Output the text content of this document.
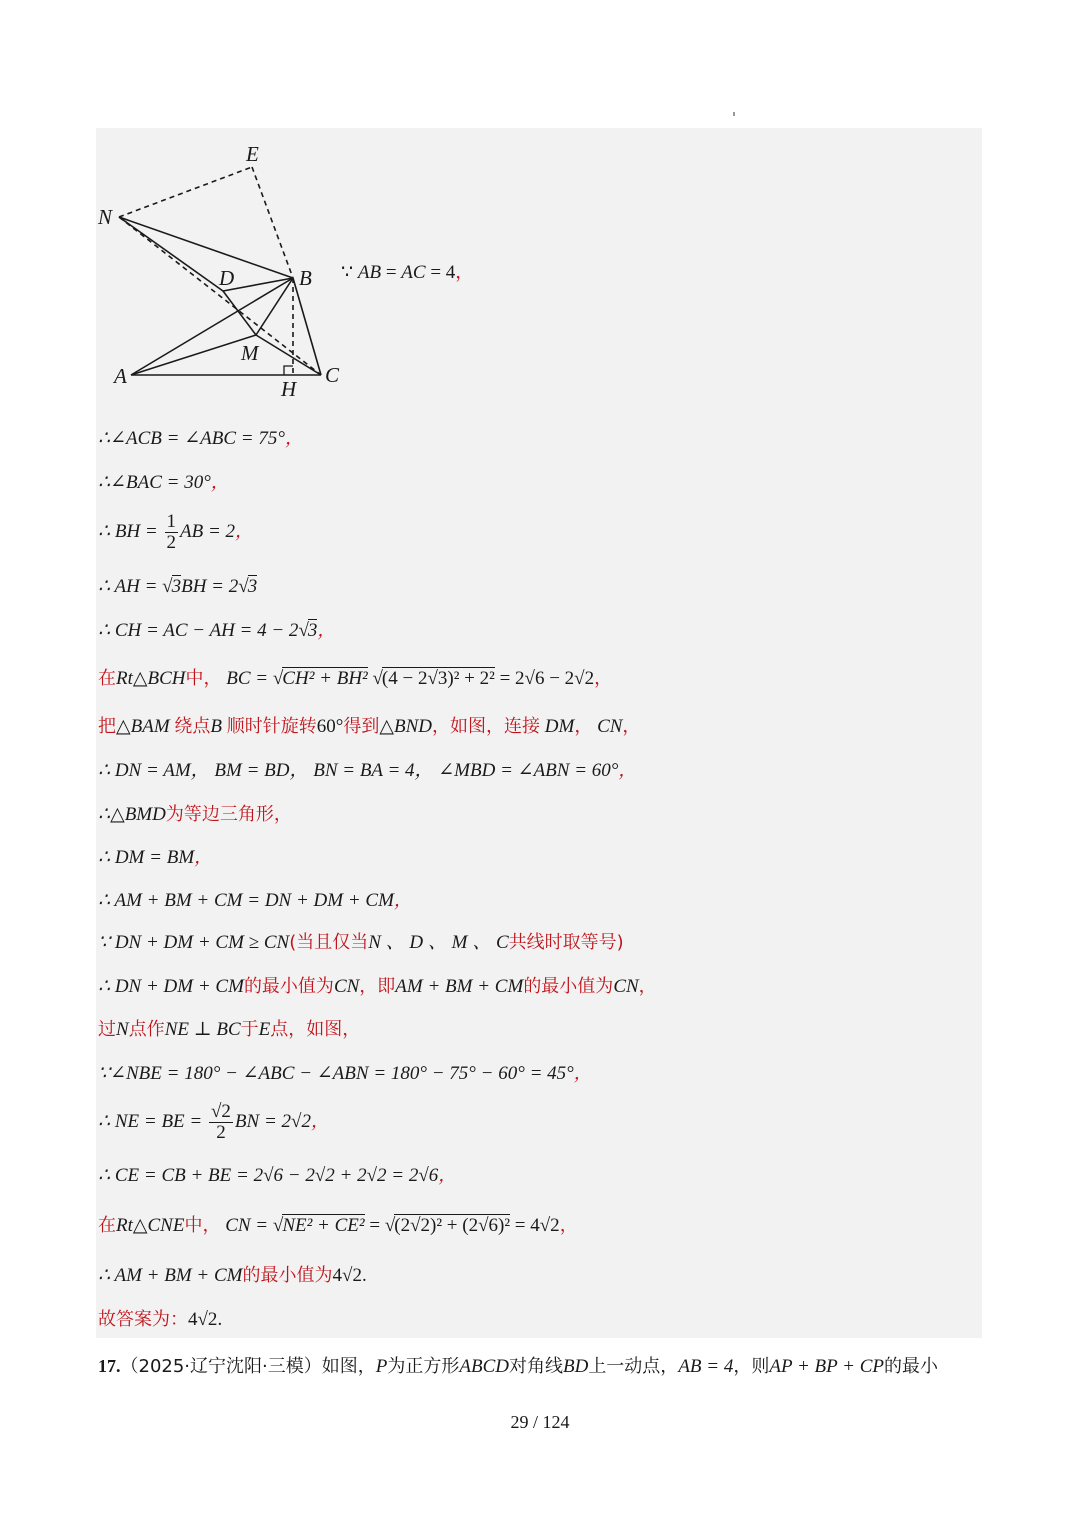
E
N
D	B
M
A	C
H
∵ AB = AC = 4，
∴∠ACB = ∠ABC = 75°，
∴∠BAC = 30°，
∴ BH = $\frac{1}{2}$ AB = 2，
∴ AH = √3BH = 2√3
∴ CH = AC − AH = 4 − 2√3，
在Rt△BCH中， BC = √CH² + BH² √(4 − 2√3)² + 2² = 2√6 − 2√2，
把△BAM 绕点B 顺时针旋转60°得到△BND，如图，连接 DM， CN，
∴ DN = AM， BM = BD， BN = BA = 4， ∠MBD = ∠ABN = 60°，
∴△BMD为等边三角形，
∴ DM = BM，
∴ AM + BM + CM = DN + DM + CM，
∵ DN + DM + CM ≥ CN(当且仅当N 、 D 、 M 、 C共线时取等号)
∴ DN + DM + CM的最小值为CN，即AM + BM + CM的最小值为CN，
过N点作NE ⊥ BC于E点，如图，
∵∠NBE = 180° − ∠ABC − ∠ABN = 180° − 75° − 60° = 45°，
∴ NE = BE = $\frac{√2}{2}$ BN = 2√2，
∴ CE = CB + BE = 2√6 − 2√2 + 2√2 = 2√6，
在Rt△CNE中， CN = √NE² + CE² = √(2√2)² + (2√6)² = 4√2，
∴ AM + BM + CM的最小值为4√2.
故答案为：4√2.
17.（2025·辽宁沈阳·三模）如图，P为正方形ABCD对角线BD上一动点，AB = 4，则AP + BP + CP的最小
29 / 124
